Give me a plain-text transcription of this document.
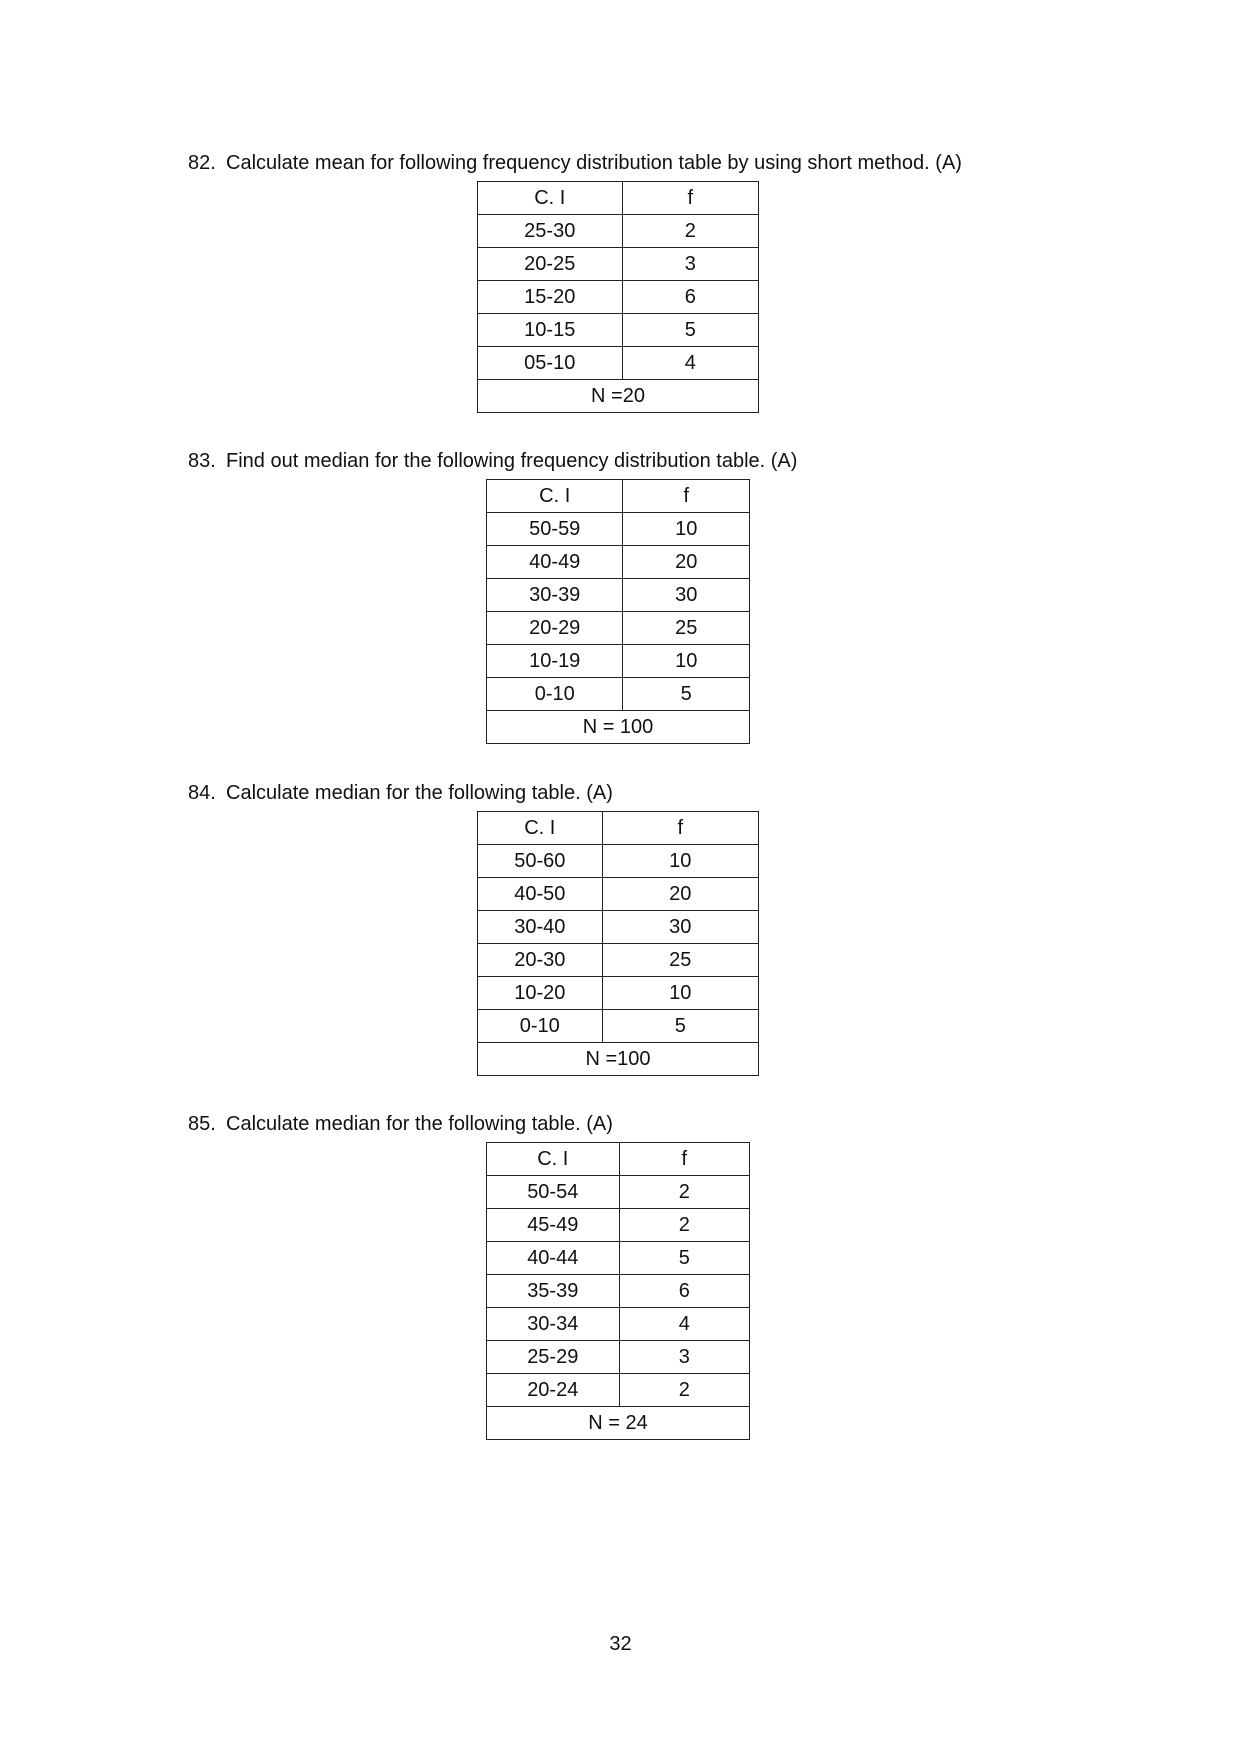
82. Calculate mean for following frequency distribution table by using short method. (A)
C. I	f
25-30	2
20-25	3
15-20	6
10-15	5
05-10	4
N =20	
83. Find out median for the following frequency distribution table. (A)
C. I	f
50-59	10
40-49	20
30-39	30
20-29	25
10-19	10
0-10	5
N = 100	
84. Calculate median for the following table. (A)
C. I	f
50-60	10
40-50	20
30-40	30
20-30	25
10-20	10
0-10	5
N =100	
85. Calculate median for the following table. (A)
C. I	f
50-54	2
45-49	2
40-44	5
35-39	6
30-34	4
25-29	3
20-24	2
N = 24	
32
